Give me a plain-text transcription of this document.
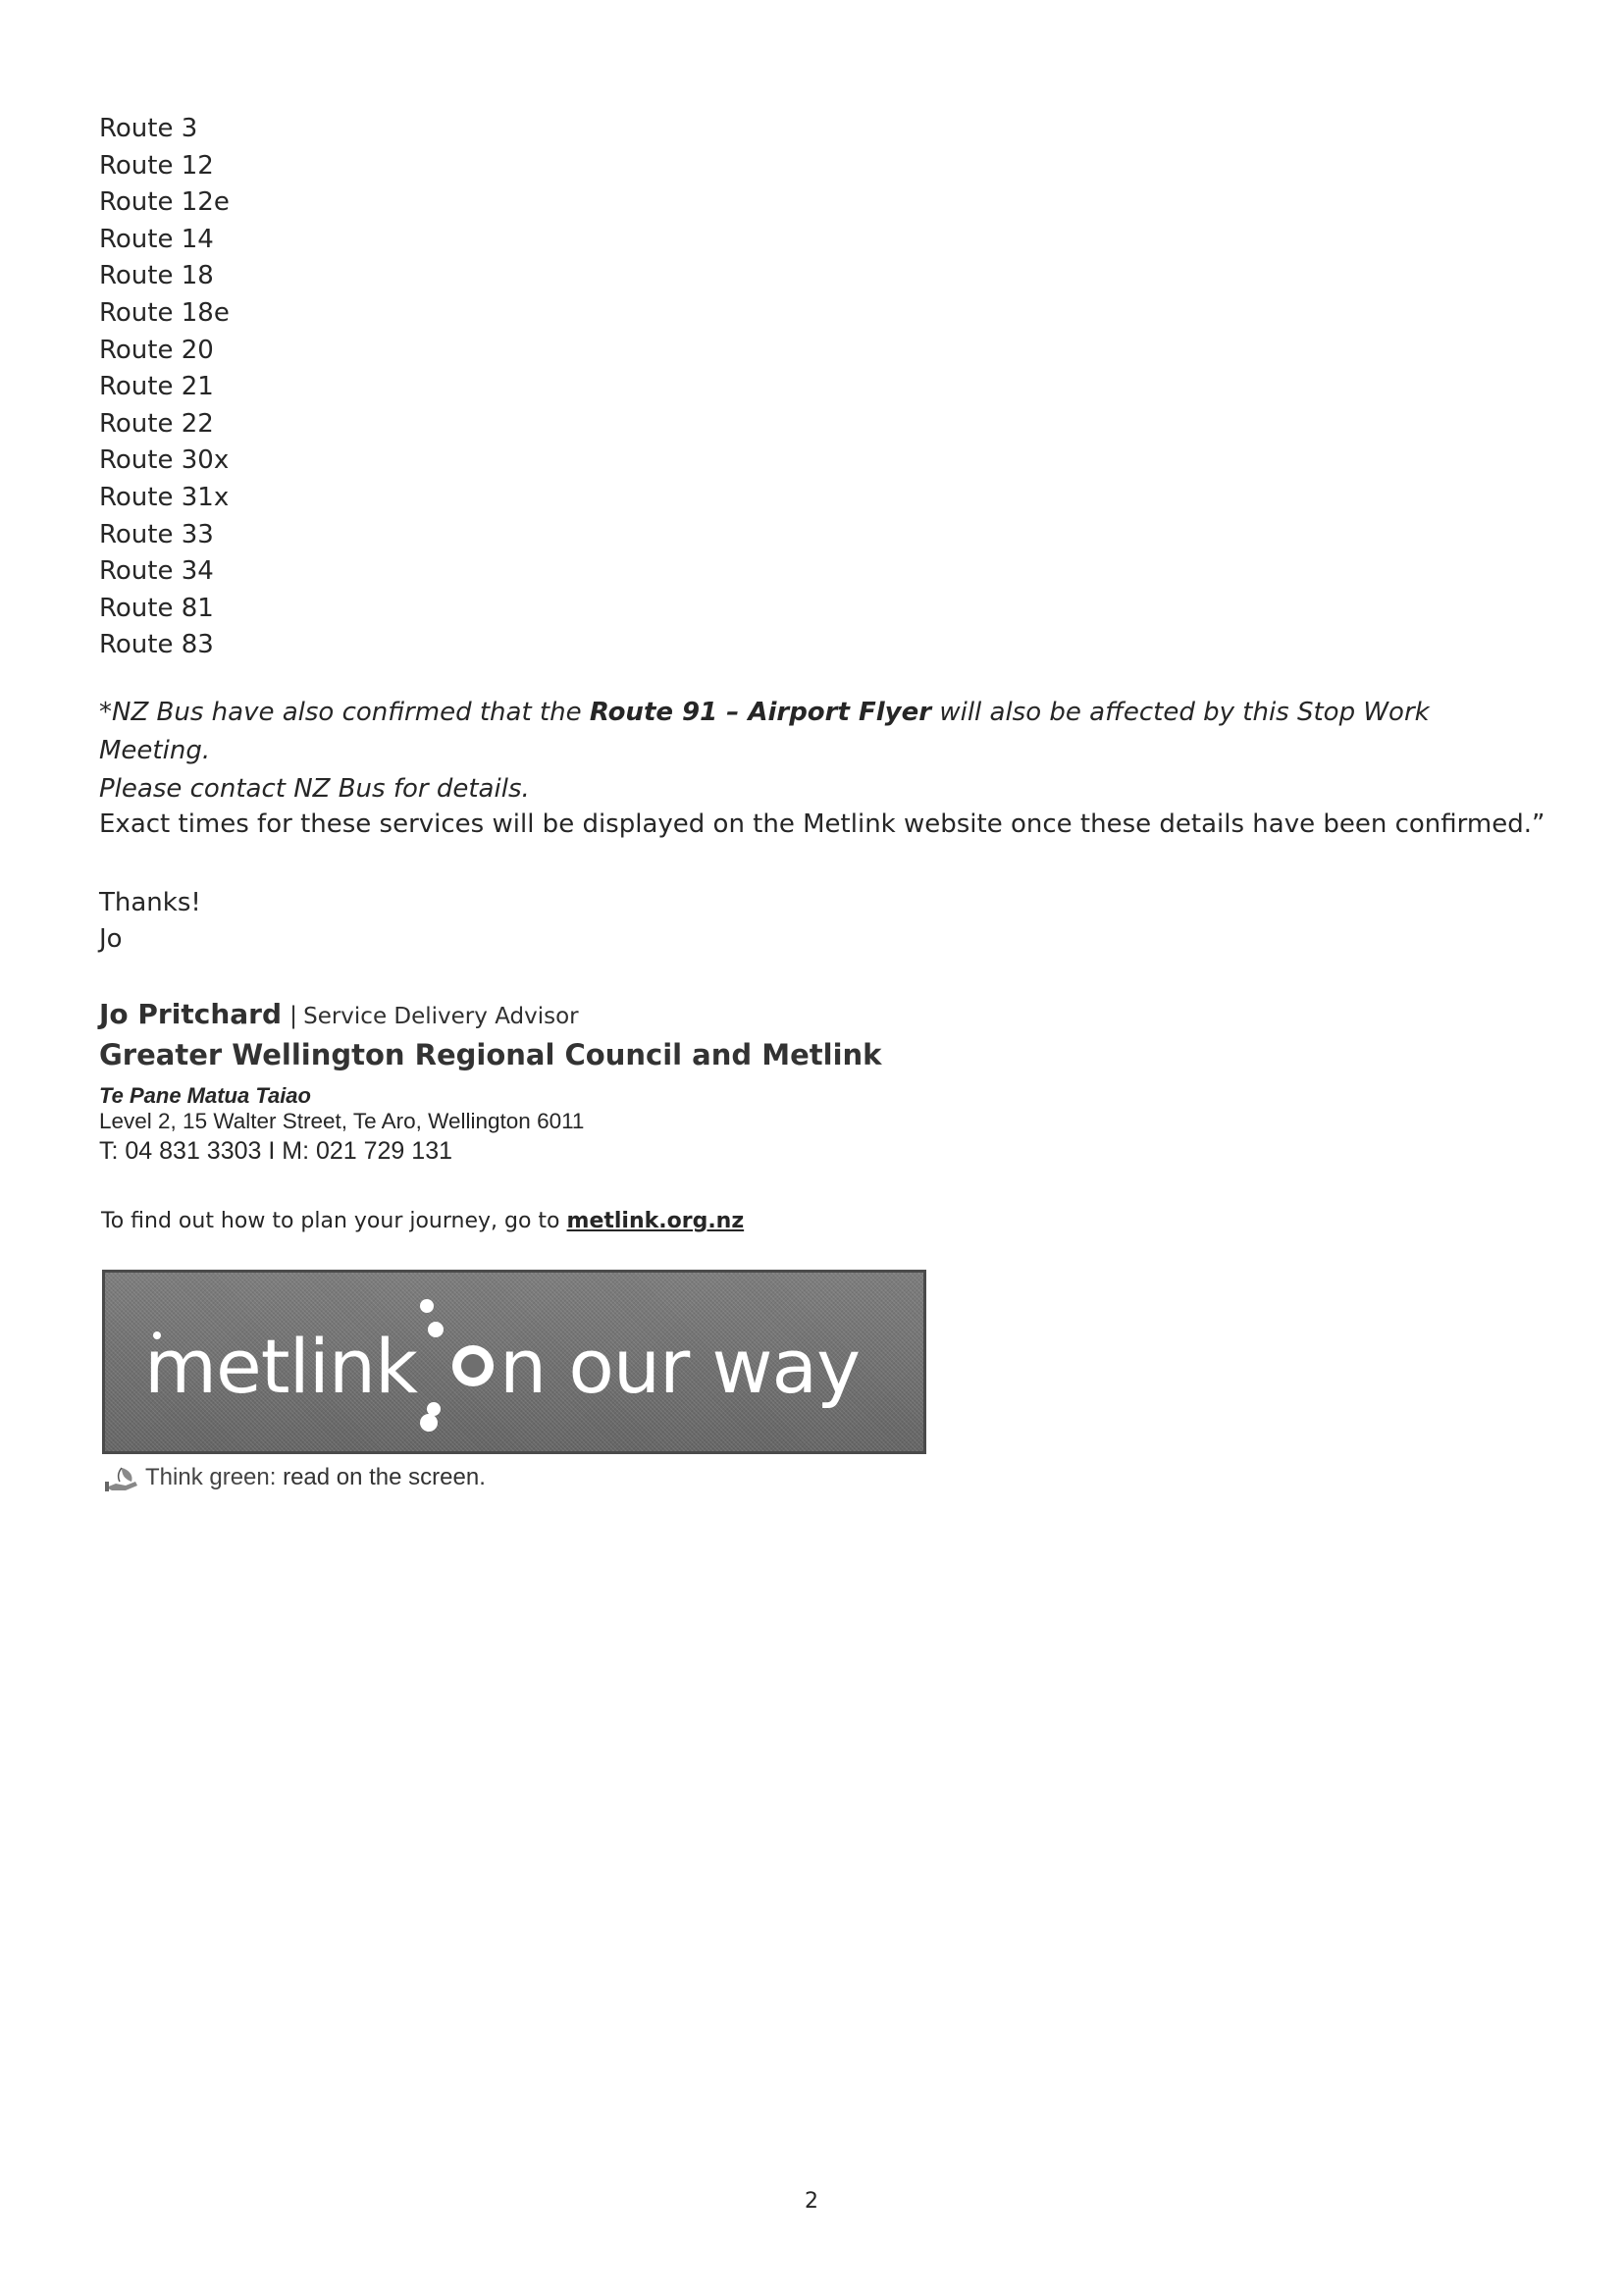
Route 3
Route 12
Route 12e
Route 14
Route 18
Route 18e
Route 20
Route 21
Route 22
Route 30x
Route 31x
Route 33
Route 34
Route 81
Route 83

*NZ Bus have also confirmed that the Route 91 – Airport Flyer will also be affected by this Stop Work Meeting.
Please contact NZ Bus for details.

Exact times for these services will be displayed on the Metlink website once these details have been confirmed.”

Thanks!
Jo
Jo Pritchard | Service Delivery Advisor
Greater Wellington Regional Council and Metlink
Te Pane Matua Taiao
Level 2, 15 Walter Street, Te Aro, Wellington 6011
T: 04 831 3303 I M: 021 729 131
To find out how to plan your journey, go to metlink.org.nz
metlink n our way
Think green: read on the screen.
2
